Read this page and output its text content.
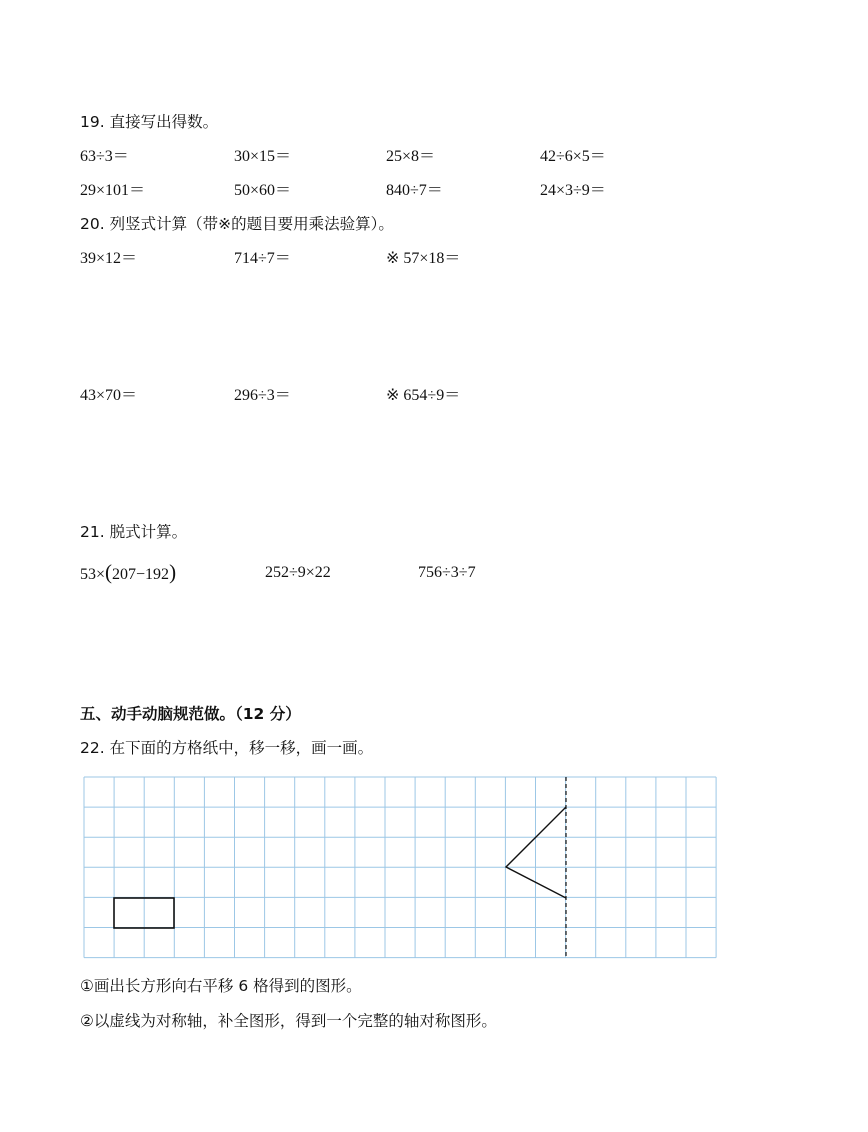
19. 直接写出得数。
63÷3＝	30×15＝	25×8＝	42÷6×5＝
29×101＝	50×60＝	840÷7＝	24×3÷9＝
20. 列竖式计算（带※的题目要用乘法验算）。
39×12＝	714÷7＝	※ 57×18＝
43×70＝	296÷3＝	※ 654÷9＝
21. 脱式计算。
53×(207−192)	252÷9×22	756÷3÷7
五、动手动脑规范做。（12 分）
22. 在下面的方格纸中，移一移，画一画。
①画出长方形向右平移 6 格得到的图形。
②以虚线为对称轴，补全图形，得到一个完整的轴对称图形。
